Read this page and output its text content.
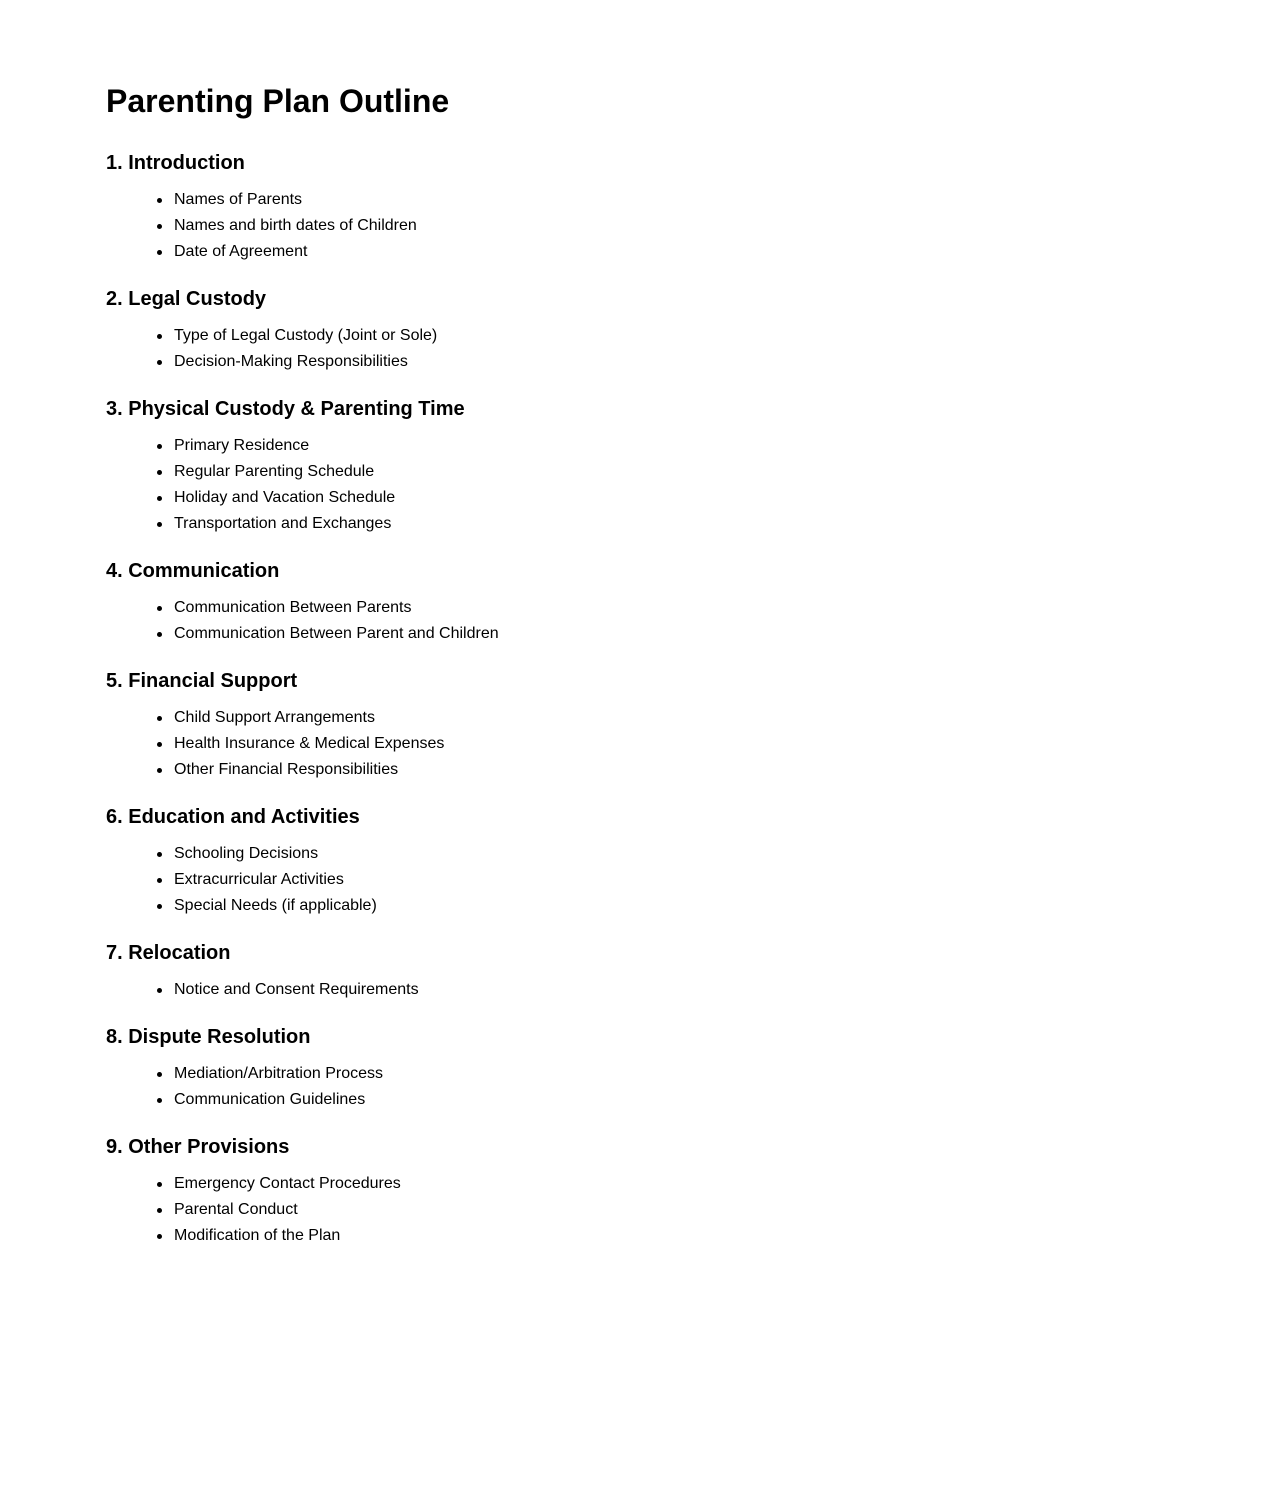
Parenting Plan Outline
1. Introduction
Names of Parents
Names and birth dates of Children
Date of Agreement
2. Legal Custody
Type of Legal Custody (Joint or Sole)
Decision-Making Responsibilities
3. Physical Custody & Parenting Time
Primary Residence
Regular Parenting Schedule
Holiday and Vacation Schedule
Transportation and Exchanges
4. Communication
Communication Between Parents
Communication Between Parent and Children
5. Financial Support
Child Support Arrangements
Health Insurance & Medical Expenses
Other Financial Responsibilities
6. Education and Activities
Schooling Decisions
Extracurricular Activities
Special Needs (if applicable)
7. Relocation
Notice and Consent Requirements
8. Dispute Resolution
Mediation/Arbitration Process
Communication Guidelines
9. Other Provisions
Emergency Contact Procedures
Parental Conduct
Modification of the Plan
